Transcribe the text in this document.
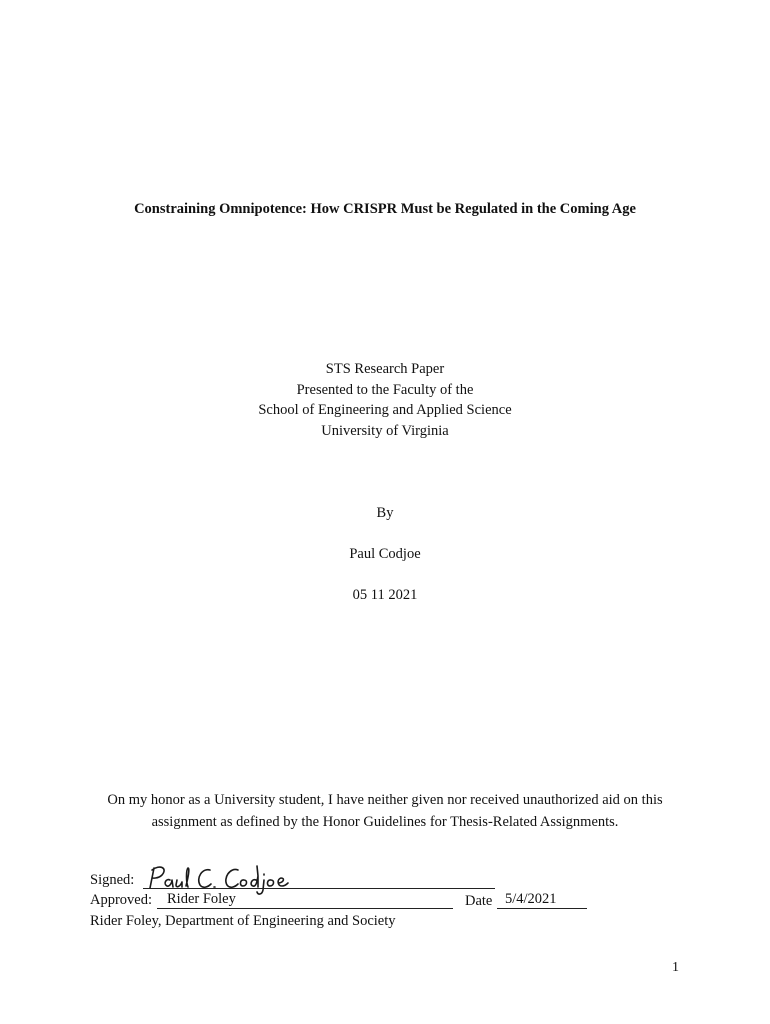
Constraining Omnipotence: How CRISPR Must be Regulated in the Coming Age
STS Research Paper
Presented to the Faculty of the
School of Engineering and Applied Science
University of Virginia
By
Paul Codjoe
05 11 2021
On my honor as a University student, I have neither given nor received unauthorized aid on this
assignment as defined by the Honor Guidelines for Thesis-Related Assignments.
Signed:
Approved: Rider Foley	Date 5/4/2021
Rider Foley, Department of Engineering and Society
1
